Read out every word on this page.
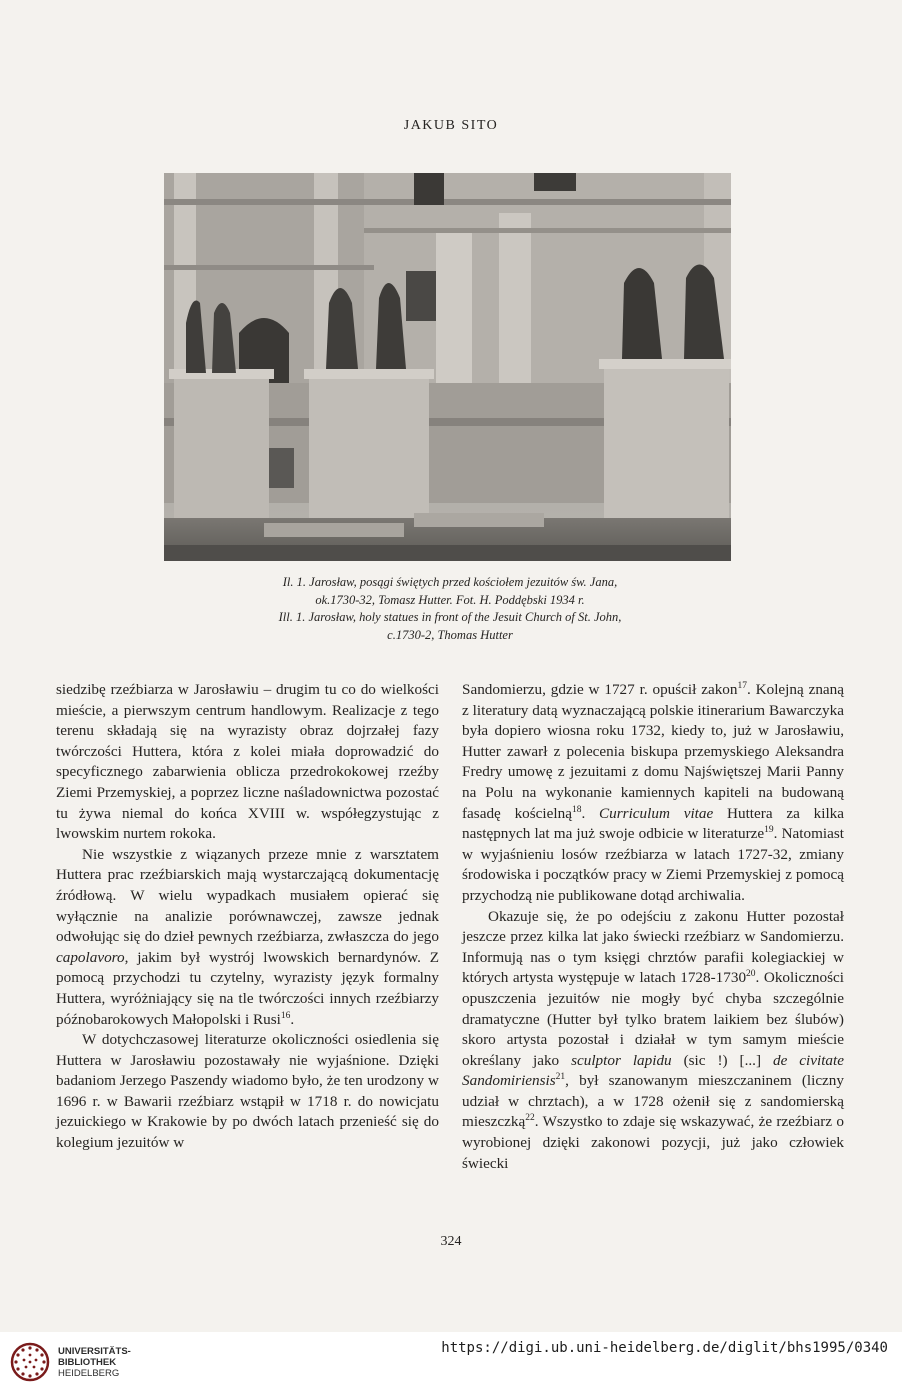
JAKUB SITO

Il. 1. Jarosław, posągi świętych przed kościołem jezuitów św. Jana,

ok.1730-32, Tomasz Hutter. Fot. H. Poddębski 1934 r.

Ill. 1. Jarosław, holy statues in front of the Jesuit Church of St. John,

c.1730-2, Thomas Hutter

siedzibę rzeźbiarza w Jarosławiu – drugim tu co do wielkości mieście, a pierwszym centrum handlowym. Realizacje z tego terenu składają się na wyrazisty obraz dojrzałej fazy twórczości Huttera, która z kolei miała doprowadzić do specyficznego zabarwienia oblicza przedrokokowej rzeźby Ziemi Przemyskiej, a poprzez liczne naśladownictwa pozostać tu żywa niemal do końca XVIII w. współegzystując z lwowskim nurtem rokoka.

Nie wszystkie z wiązanych przeze mnie z warsztatem Huttera prac rzeźbiarskich mają wystarczającą dokumentację źródłową. W wielu wypadkach musiałem opierać się wyłącznie na analizie porównawczej, zawsze jednak odwołując się do dzieł pewnych rzeźbiarza, zwłaszcza do jego capolavoro, jakim był wystrój lwowskich bernardynów. Z pomocą przychodzi tu czytelny, wyrazisty język formalny Huttera, wyróżniający się na tle twórczości innych rzeźbiarzy późnobarokowych Małopolski i Rusi$^{16}$.

W dotychczasowej literaturze okoliczności osiedlenia się Huttera w Jarosławiu pozostawały nie wyjaśnione. Dzięki badaniom Jerzego Paszendy wiadomo było, że ten urodzony w 1696 r. w Bawarii rzeźbiarz wstąpił w 1718 r. do nowicjatu jezuickiego w Krakowie by po dwóch latach przenieść się do kolegium jezuitów w

Sandomierzu, gdzie w 1727 r. opuścił zakon$^{17}$. Kolejną znaną z literatury datą wyznaczającą polskie itinerarium Bawarczyka była dopiero wiosna roku 1732, kiedy to, już w Jarosławiu, Hutter zawarł z polecenia biskupa przemyskiego Aleksandra Fredry umowę z jezuitami z domu Najświętszej Marii Panny na Polu na wykonanie kamiennych kapiteli na budowaną fasadę kościelną$^{18}$. Curriculum vitae Huttera za kilka następnych lat ma już swoje odbicie w literaturze$^{19}$. Natomiast w wyjaśnieniu losów rzeźbiarza w latach 1727-32, zmiany środowiska i początków pracy w Ziemi Przemyskiej z pomocą przychodzą nie publikowane dotąd archiwalia.

Okazuje się, że po odejściu z zakonu Hutter pozostał jeszcze przez kilka lat jako świecki rzeźbiarz w Sandomierzu. Informują nas o tym księgi chrztów parafii kolegiackiej w których artysta występuje w latach 1728-1730$^{20}$. Okoliczności opuszczenia jezuitów nie mogły być chyba szczególnie dramatyczne (Hutter był tylko bratem laikiem bez ślubów) skoro artysta pozostał i działał w tym samym mieście określany jako sculptor lapidu (sic !) [...] de civitate Sandomiriensis$^{21}$, był szanowanym mieszczaninem (liczny udział w chrztach), a w 1728 ożenił się z sandomierską mieszczką$^{22}$. Wszystko to zdaje się wskazywać, że rzeźbiarz o wyrobionej dzięki zakonowi pozycji, już jako człowiek świecki

324
UNIVERSITÄTS-
BIBLIOTHEK
HEIDELBERG
https://digi.ub.uni-heidelberg.de/diglit/bhs1995/0340
